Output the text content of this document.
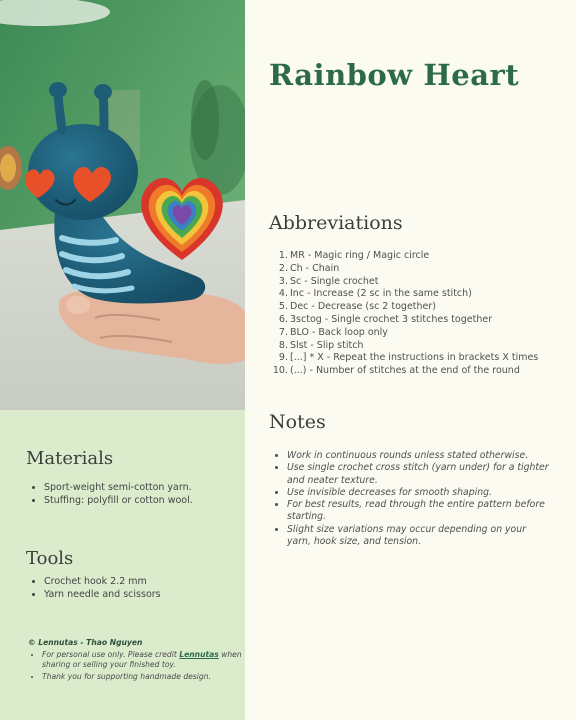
Materials
• Sport-weight semi-cotton yarn.
• Stuffing: polyfill or cotton wool.
Tools
• Crochet hook 2.2 mm
• Yarn needle and scissors

© Lennutas - Thao Nguyen

• For personal use only. Please credit Lennutas when sharing or selling your finished toy.
• Thank you for supporting handmade design.
Rainbow Heart
Abbreviations
1. MR - Magic ring / Magic circle
2. Ch - Chain
3. Sc - Single crochet
4. Inc - Increase (2 sc in the same stitch)
5. Dec - Decrease (sc 2 together)
6. 3sctog - Single crochet 3 stitches together
7. BLO - Back loop only
8. Slst - Slip stitch
9. [...] * X - Repeat the instructions in brackets X times
10. (...) - Number of stitches at the end of the round
Notes
• Work in continuous rounds unless stated otherwise.
• Use single crochet cross stitch (yarn under) for a tighter and neater texture.
• Use invisible decreases for smooth shaping.
• For best results, read through the entire pattern before starting.
• Slight size variations may occur depending on your yarn, hook size, and tension.
